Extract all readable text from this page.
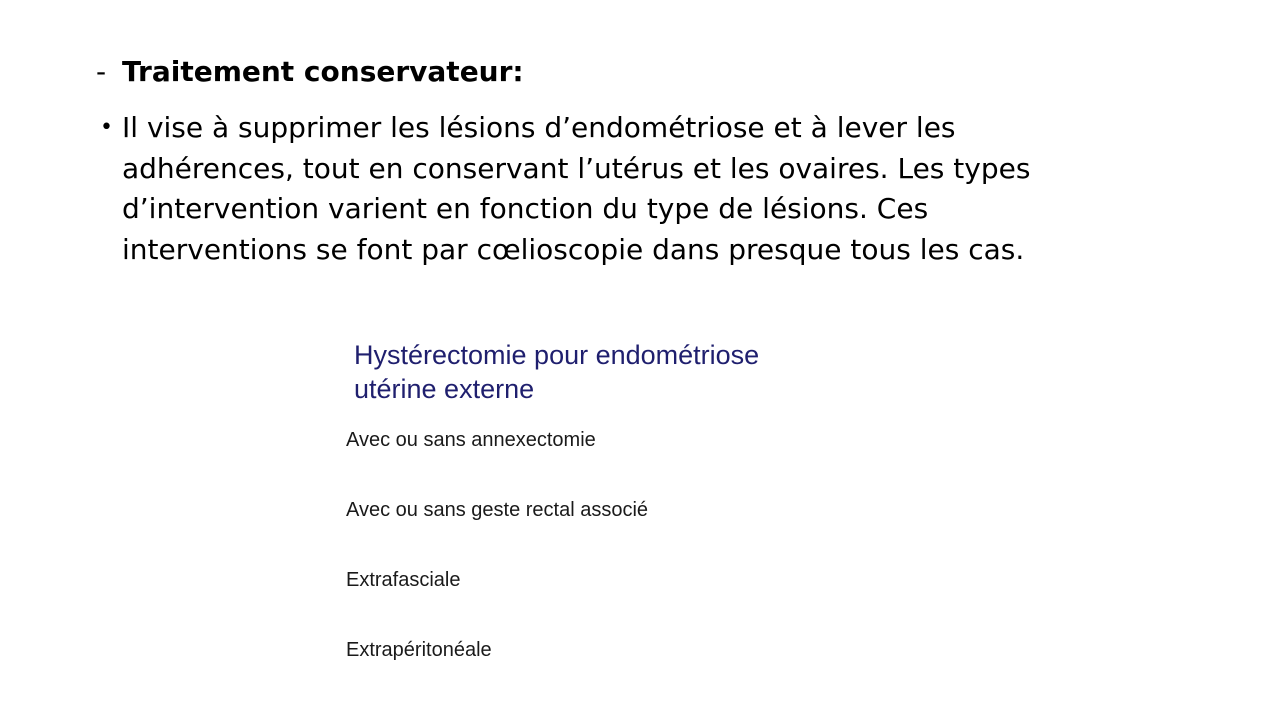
- Traitement conservateur:
• Il vise à supprimer les lésions d’endométriose et à lever les adhérences, tout en conservant l’utérus et les ovaires. Les types d’intervention varient en fonction du type de lésions. Ces interventions se font par cœlioscopie dans presque tous les cas.
Hystérectomie pour endométriose
utérine externe
Avec ou sans annexectomie
Avec ou sans geste rectal associé
Extrafasciale
Extrapéritonéale
